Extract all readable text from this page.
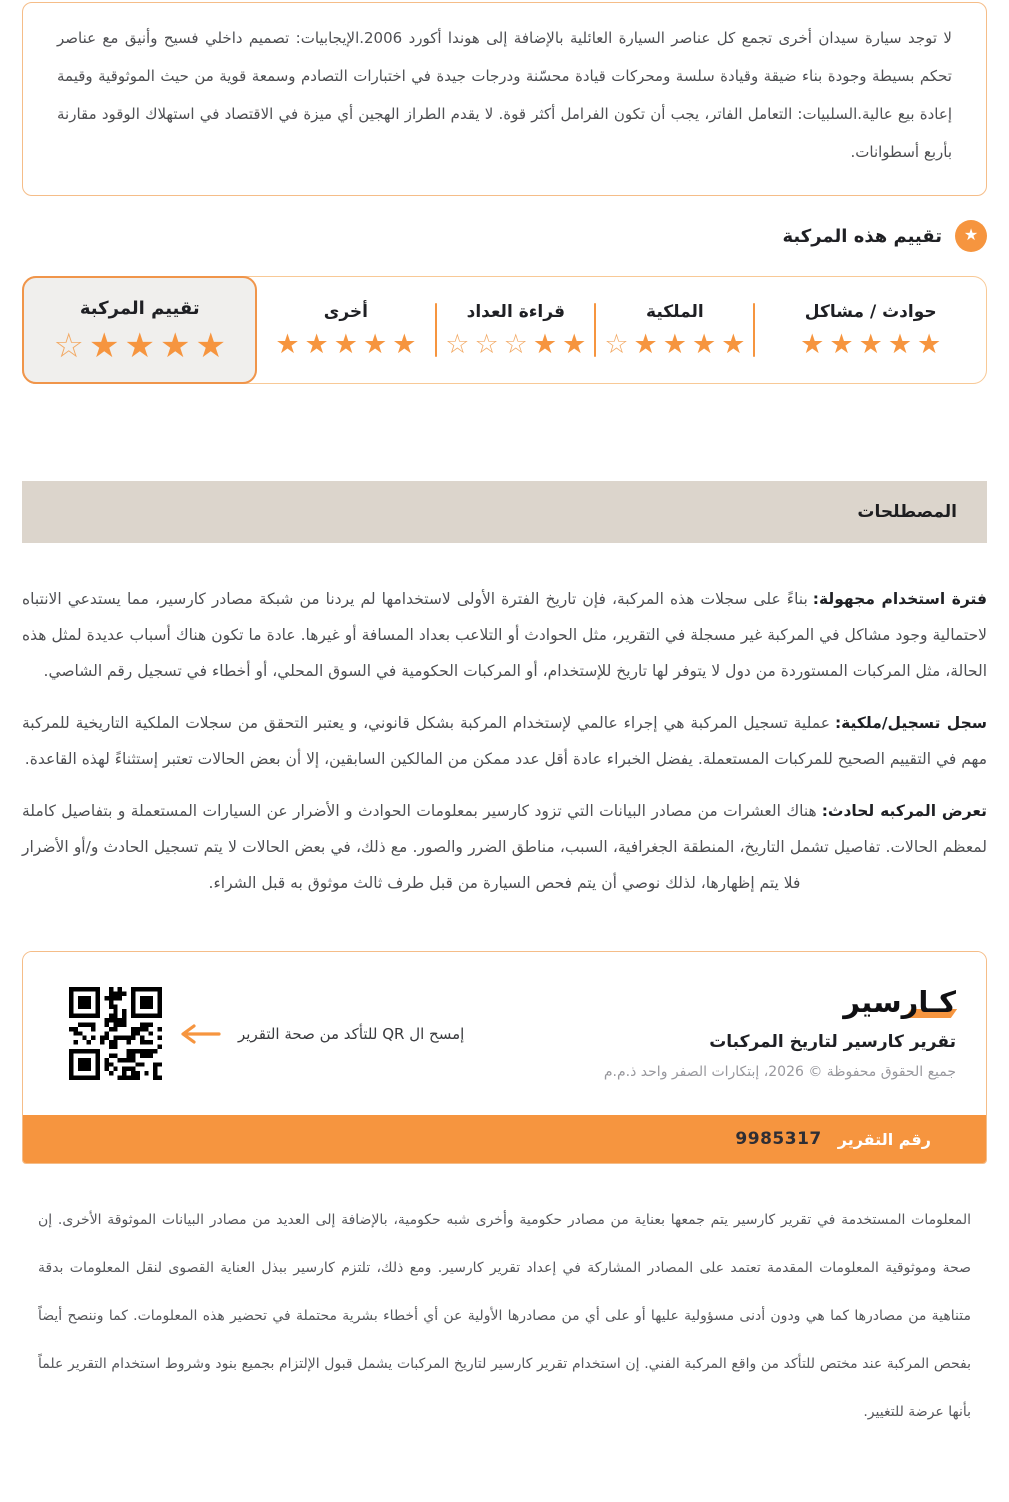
لا توجد سيارة سيدان أخرى تجمع كل عناصر السيارة العائلية بالإضافة إلى هوندا أكورد 2006.الإيجابيات: تصميم داخلي فسيح وأنيق مع عناصر تحكم بسيطة وجودة بناء ضيقة وقيادة سلسة ومحركات قيادة محسّنة ودرجات جيدة في اختبارات التصادم وسمعة قوية من حيث الموثوقية وقيمة إعادة بيع عالية.السلبيات: التعامل الفاتر، يجب أن تكون الفرامل أكثر قوة. لا يقدم الطراز الهجين أي ميزة في الاقتصاد في استهلاك الوقود مقارنة بأربع أسطوانات.

★
تقييم هذه المركبة
حوادث / مشاكل
★
★
★
★
★
الملكية
★
★
★
★
☆
قراءة العداد
★
★
☆
☆
☆
أخرى
★
★
★
★
★
تقييم المركبة
★
★
★
★
☆
المصطلحات

فترة استخدام مجهولة:بناءً على سجلات هذه المركبة، فإن تاريخ الفترة الأولى لاستخدامها لم يردنا من شبكة مصادر كارسير، مما يستدعي الانتباه لاحتمالية وجود مشاكل في المركبة غير مسجلة في التقرير، مثل الحوادث أو التلاعب بعداد المسافة أو غيرها. عادة ما تكون هناك أسباب عديدة لمثل هذه الحالة، مثل المركبات المستوردة من دول لا يتوفر لها تاريخ للإستخدام، أو المركبات الحكومية في السوق المحلي، أو أخطاء في تسجيل رقم الشاصي.

سجل تسجيل/ملكية:عملية تسجيل المركبة هي إجراء عالمي لإستخدام المركبة بشكل قانوني، و يعتبر التحقق من سجلات الملكية التاريخية للمركبة مهم في التقييم الصحيح للمركبات المستعملة. يفضل الخبراء عادة أقل عدد ممكن من المالكين السابقين، إلا أن بعض الحالات تعتبر إستثناءً لهذه القاعدة.

تعرض المركبه لحادث:هناك العشرات من مصادر البيانات التي تزود كارسير بمعلومات الحوادث و الأضرار عن السيارات المستعملة و بتفاصيل كاملة لمعظم الحالات. تفاصيل تشمل التاريخ، المنطقة الجغرافية، السبب، مناطق الضرر والصور. مع ذلك، في بعض الحالات لا يتم تسجيل الحادث و/أو الأضرار فلا يتم إظهارها، لذلك نوصي أن يتم فحص السيارة من قبل طرف ثالث موثوق به قبل الشراء.

كـارسير
تقرير كارسير لتاريخ المركبات
جميع الحقوق محفوظة © 2026، إبتكارات الصفر واحد ذ.م.م
إمسح ال QR للتأكد من صحة التقرير
رقم التقرير
9985317

المعلومات المستخدمة في تقرير كارسير يتم جمعها بعناية من مصادر حكومية وأخرى شبه حكومية، بالإضافة إلى العديد من مصادر البيانات الموثوقة الأخرى. إن صحة وموثوقية المعلومات المقدمة تعتمد على المصادر المشاركة في إعداد تقرير كارسير. ومع ذلك، تلتزم كارسير ببذل العناية القصوى لنقل المعلومات بدقة متناهية من مصادرها كما هي ودون أدنى مسؤولية عليها أو على أي من مصادرها الأولية عن أي أخطاء بشرية محتملة في تحضير هذه المعلومات. كما وننصح أيضاً بفحص المركبة عند مختص للتأكد من واقع المركبة الفني. إن استخدام تقرير كارسير لتاريخ المركبات يشمل قبول الإلتزام بجميع بنود وشروط استخدام التقرير علماً بأنها عرضة للتغيير.
